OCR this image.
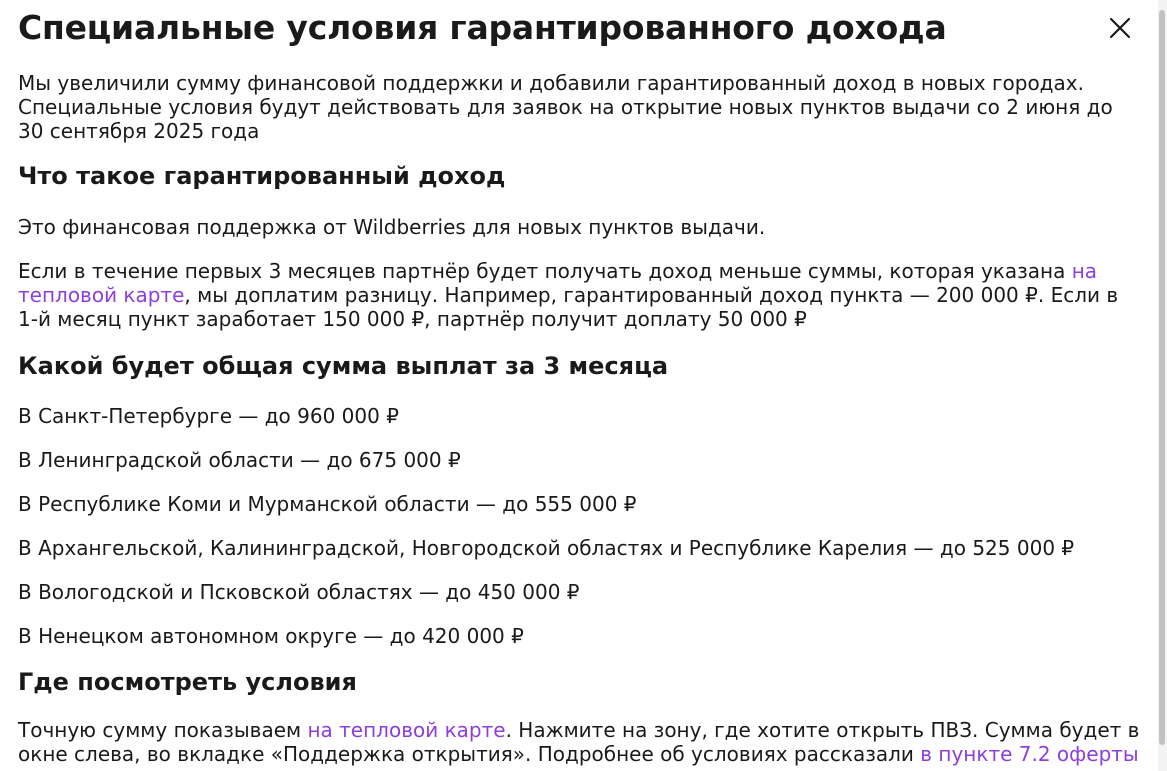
Специальные условия гарантированного дохода

Мы увеличили сумму финансовой поддержки и добавили гарантированный доход в новых городах. Специальные условия будут действовать для заявок на открытие новых пунктов выдачи со 2 июня до 30 сентября 2025 года

Что такое гарантированный доход

Это финансовая поддержка от Wildberries для новых пунктов выдачи.

Если в течение первых 3 месяцев партнёр будет получать доход меньше суммы, которая указана на тепловой карте, мы доплатим разницу. Например, гарантированный доход пункта — 200 000 ₽. Если в 1-й месяц пункт заработает 150 000 ₽, партнёр получит доплату 50 000 ₽

Какой будет общая сумма выплат за 3 месяца
В Санкт-Петербурге — до 960 000 ₽
В Ленинградской области — до 675 000 ₽
В Республике Коми и Мурманской области — до 555 000 ₽
В Архангельской, Калининградской, Новгородской областях и Республике Карелия — до 525 000 ₽
В Вологодской и Псковской областях — до 450 000 ₽
В Ненецком автономном округе — до 420 000 ₽
Где посмотреть условия

Точную сумму показываем на тепловой карте. Нажмите на зону, где хотите открыть ПВЗ. Сумма будет в окне слева, во вкладке «Поддержка открытия». Подробнее об условиях рассказали в пункте 7.2 оферты
